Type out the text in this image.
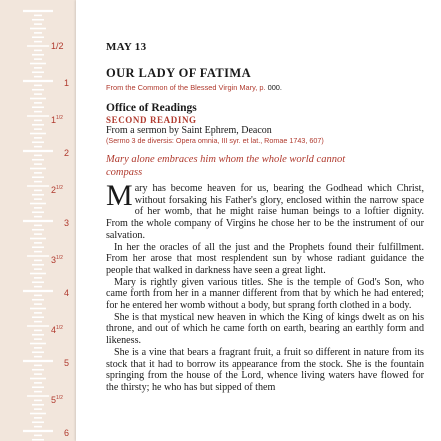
1/2
1
$1^{1/2}$
2
$2^{1/2}$
3
$3^{1/2}$
4
$4^{1/2}$
5
$5^{1/2}$
6
MAY 13
OUR LADY OF FATIMA
From the Common of the Blessed Virgin Mary, p. 000.
Office of Readings
SECOND READING
From a sermon by Saint Ephrem, Deacon
(Sermo 3 de diversis: Opera omnia, III syr. et lat., Romae 1743, 607)
Mary alone embraces him whom the whole world cannot compass

Mary has become heaven for us, bearing the Godhead which Christ, without forsaking his Father's glory, enclosed within the narrow space of her womb, that he might raise human beings to a loftier dignity. From the whole company of Virgins he chose her to be the instrument of our salvation.

In her the oracles of all the just and the Prophets found their fulfillment. From her arose that most resplendent sun by whose radiant guidance the people that walked in darkness have seen a great light.

Mary is rightly given various titles. She is the temple of God's Son, who came forth from her in a manner different from that by which he had entered; for he entered her womb without a body, but sprang forth clothed in a body.

She is that mystical new heaven in which the King of kings dwelt as on his throne, and out of which he came forth on earth, bearing an earthly form and likeness.

She is a vine that bears a fragrant fruit, a fruit so different in nature from its stock that it had to borrow its appearance from the stock. She is the fountain springing from the house of the Lord, whence living waters have flowed for the thirsty; he who has but sipped of them
